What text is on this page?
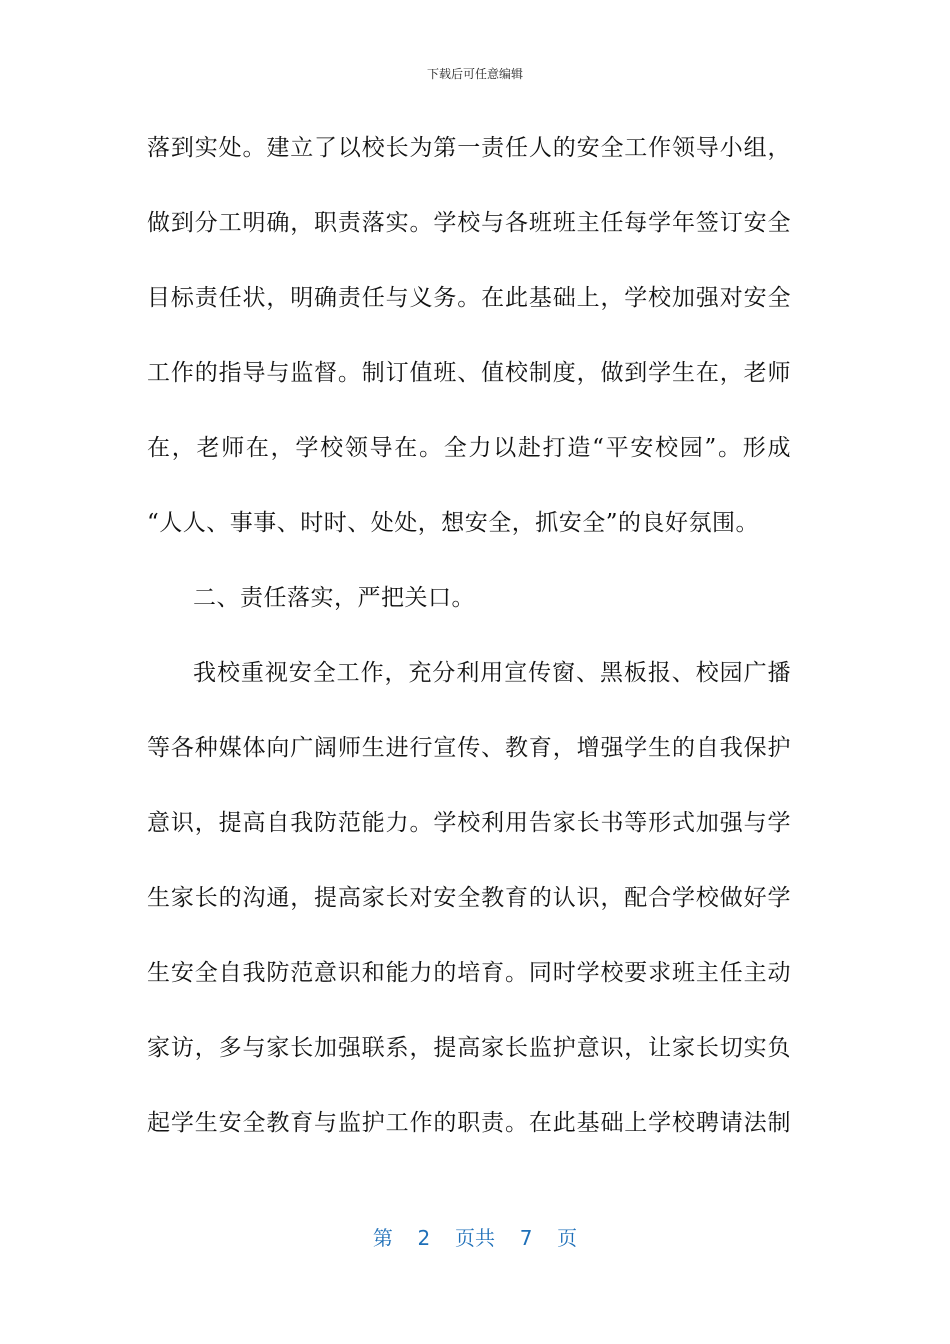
下载后可任意编辑
落到实处。建立了以校长为第一责任人的安全工作领导小组，
做到分工明确，职责落实。学校与各班班主任每学年签订安全
目标责任状，明确责任与义务。在此基础上，学校加强对安全
工作的指导与监督。制订值班、值校制度，做到学生在，老师
在，老师在，学校领导在。全力以赴打造“平安校园”。形成
“人人、事事、时时、处处，想安全，抓安全”的良好氛围。
二、责任落实，严把关口。
我校重视安全工作，充分利用宣传窗、黑板报、校园广播
等各种媒体向广阔师生进行宣传、教育，增强学生的自我保护
意识，提高自我防范能力。学校利用告家长书等形式加强与学
生家长的沟通，提高家长对安全教育的认识，配合学校做好学
生安全自我防范意识和能力的培育。同时学校要求班主任主动
家访，多与家长加强联系，提高家长监护意识，让家长切实负
起学生安全教育与监护工作的职责。在此基础上学校聘请法制
第 2 页共 7 页
